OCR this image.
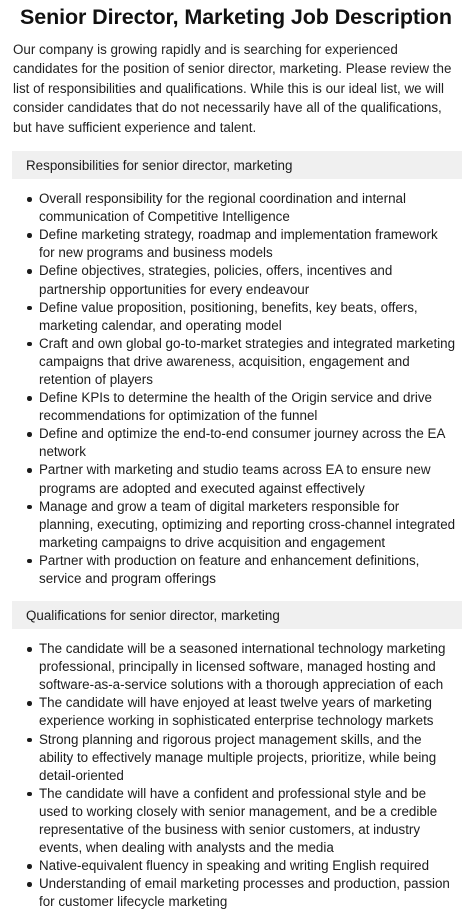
Senior Director, Marketing Job Description

Our company is growing rapidly and is searching for experienced candidates for the position of senior director, marketing. Please review the list of responsibilities and qualifications. While this is our ideal list, we will consider candidates that do not necessarily have all of the qualifications, but have sufficient experience and talent.

Responsibilities for senior director, marketing
Overall responsibility for the regional coordination and internal communication of Competitive Intelligence
Define marketing strategy, roadmap and implementation framework for new programs and business models
Define objectives, strategies, policies, offers, incentives and partnership opportunities for every endeavour
Define value proposition, positioning, benefits, key beats, offers, marketing calendar, and operating model
Craft and own global go-to-market strategies and integrated marketing campaigns that drive awareness, acquisition, engagement and retention of players
Define KPIs to determine the health of the Origin service and drive recommendations for optimization of the funnel
Define and optimize the end-to-end consumer journey across the EA network
Partner with marketing and studio teams across EA to ensure new programs are adopted and executed against effectively
Manage and grow a team of digital marketers responsible for planning, executing, optimizing and reporting cross-channel integrated marketing campaigns to drive acquisition and engagement
Partner with production on feature and enhancement definitions, service and program offerings
Qualifications for senior director, marketing
The candidate will be a seasoned international technology marketing professional, principally in licensed software, managed hosting and software-as-a-service solutions with a thorough appreciation of each
The candidate will have enjoyed at least twelve years of marketing experience working in sophisticated enterprise technology markets
Strong planning and rigorous project management skills, and the ability to effectively manage multiple projects, prioritize, while being detail-oriented
The candidate will have a confident and professional style and be used to working closely with senior management, and be a credible representative of the business with senior customers, at industry events, when dealing with analysts and the media
Native-equivalent fluency in speaking and writing English required
Understanding of email marketing processes and production, passion for customer lifecycle marketing
